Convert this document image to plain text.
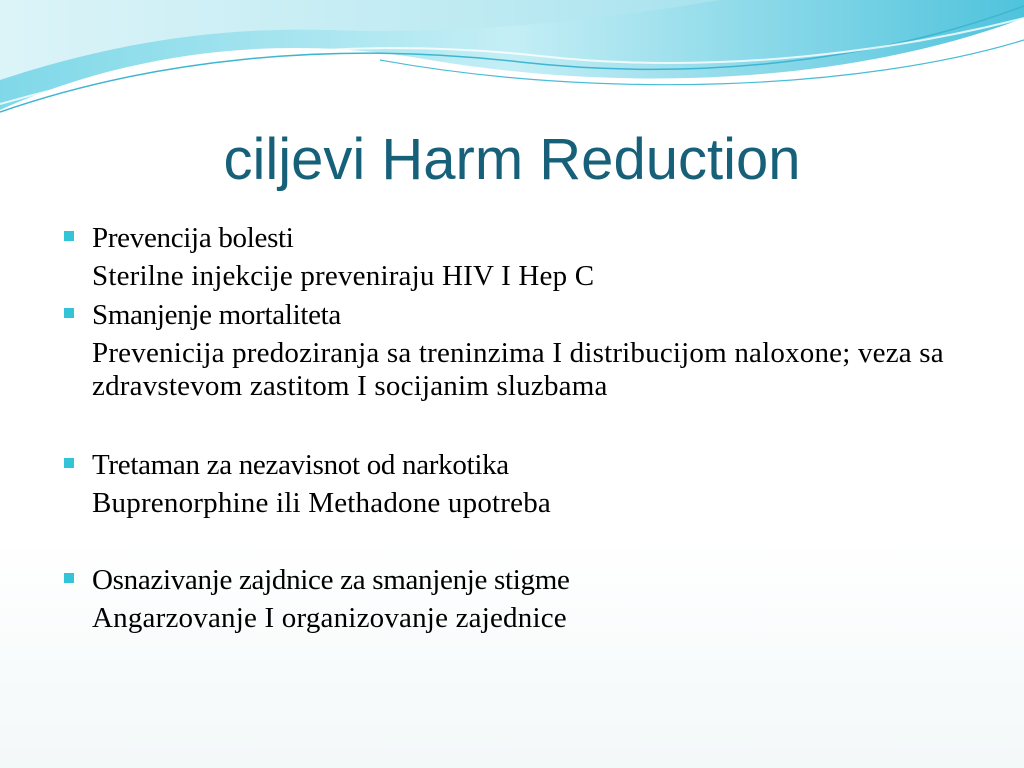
ciljevi Harm Reduction

Prevencija bolesti

Sterilne injekcije preveniraju HIV I Hep C

Smanjenje mortaliteta

Prevenicija predoziranja sa treninzima I distribucijom naloxone; veza sa zdravstevom zastitom I socijanim sluzbama

Tretaman za nezavisnot od narkotika

Buprenorphine ili Methadone upotreba

Osnazivanje zajdnice za smanjenje stigme

Angarzovanje I organizovanje zajednice
